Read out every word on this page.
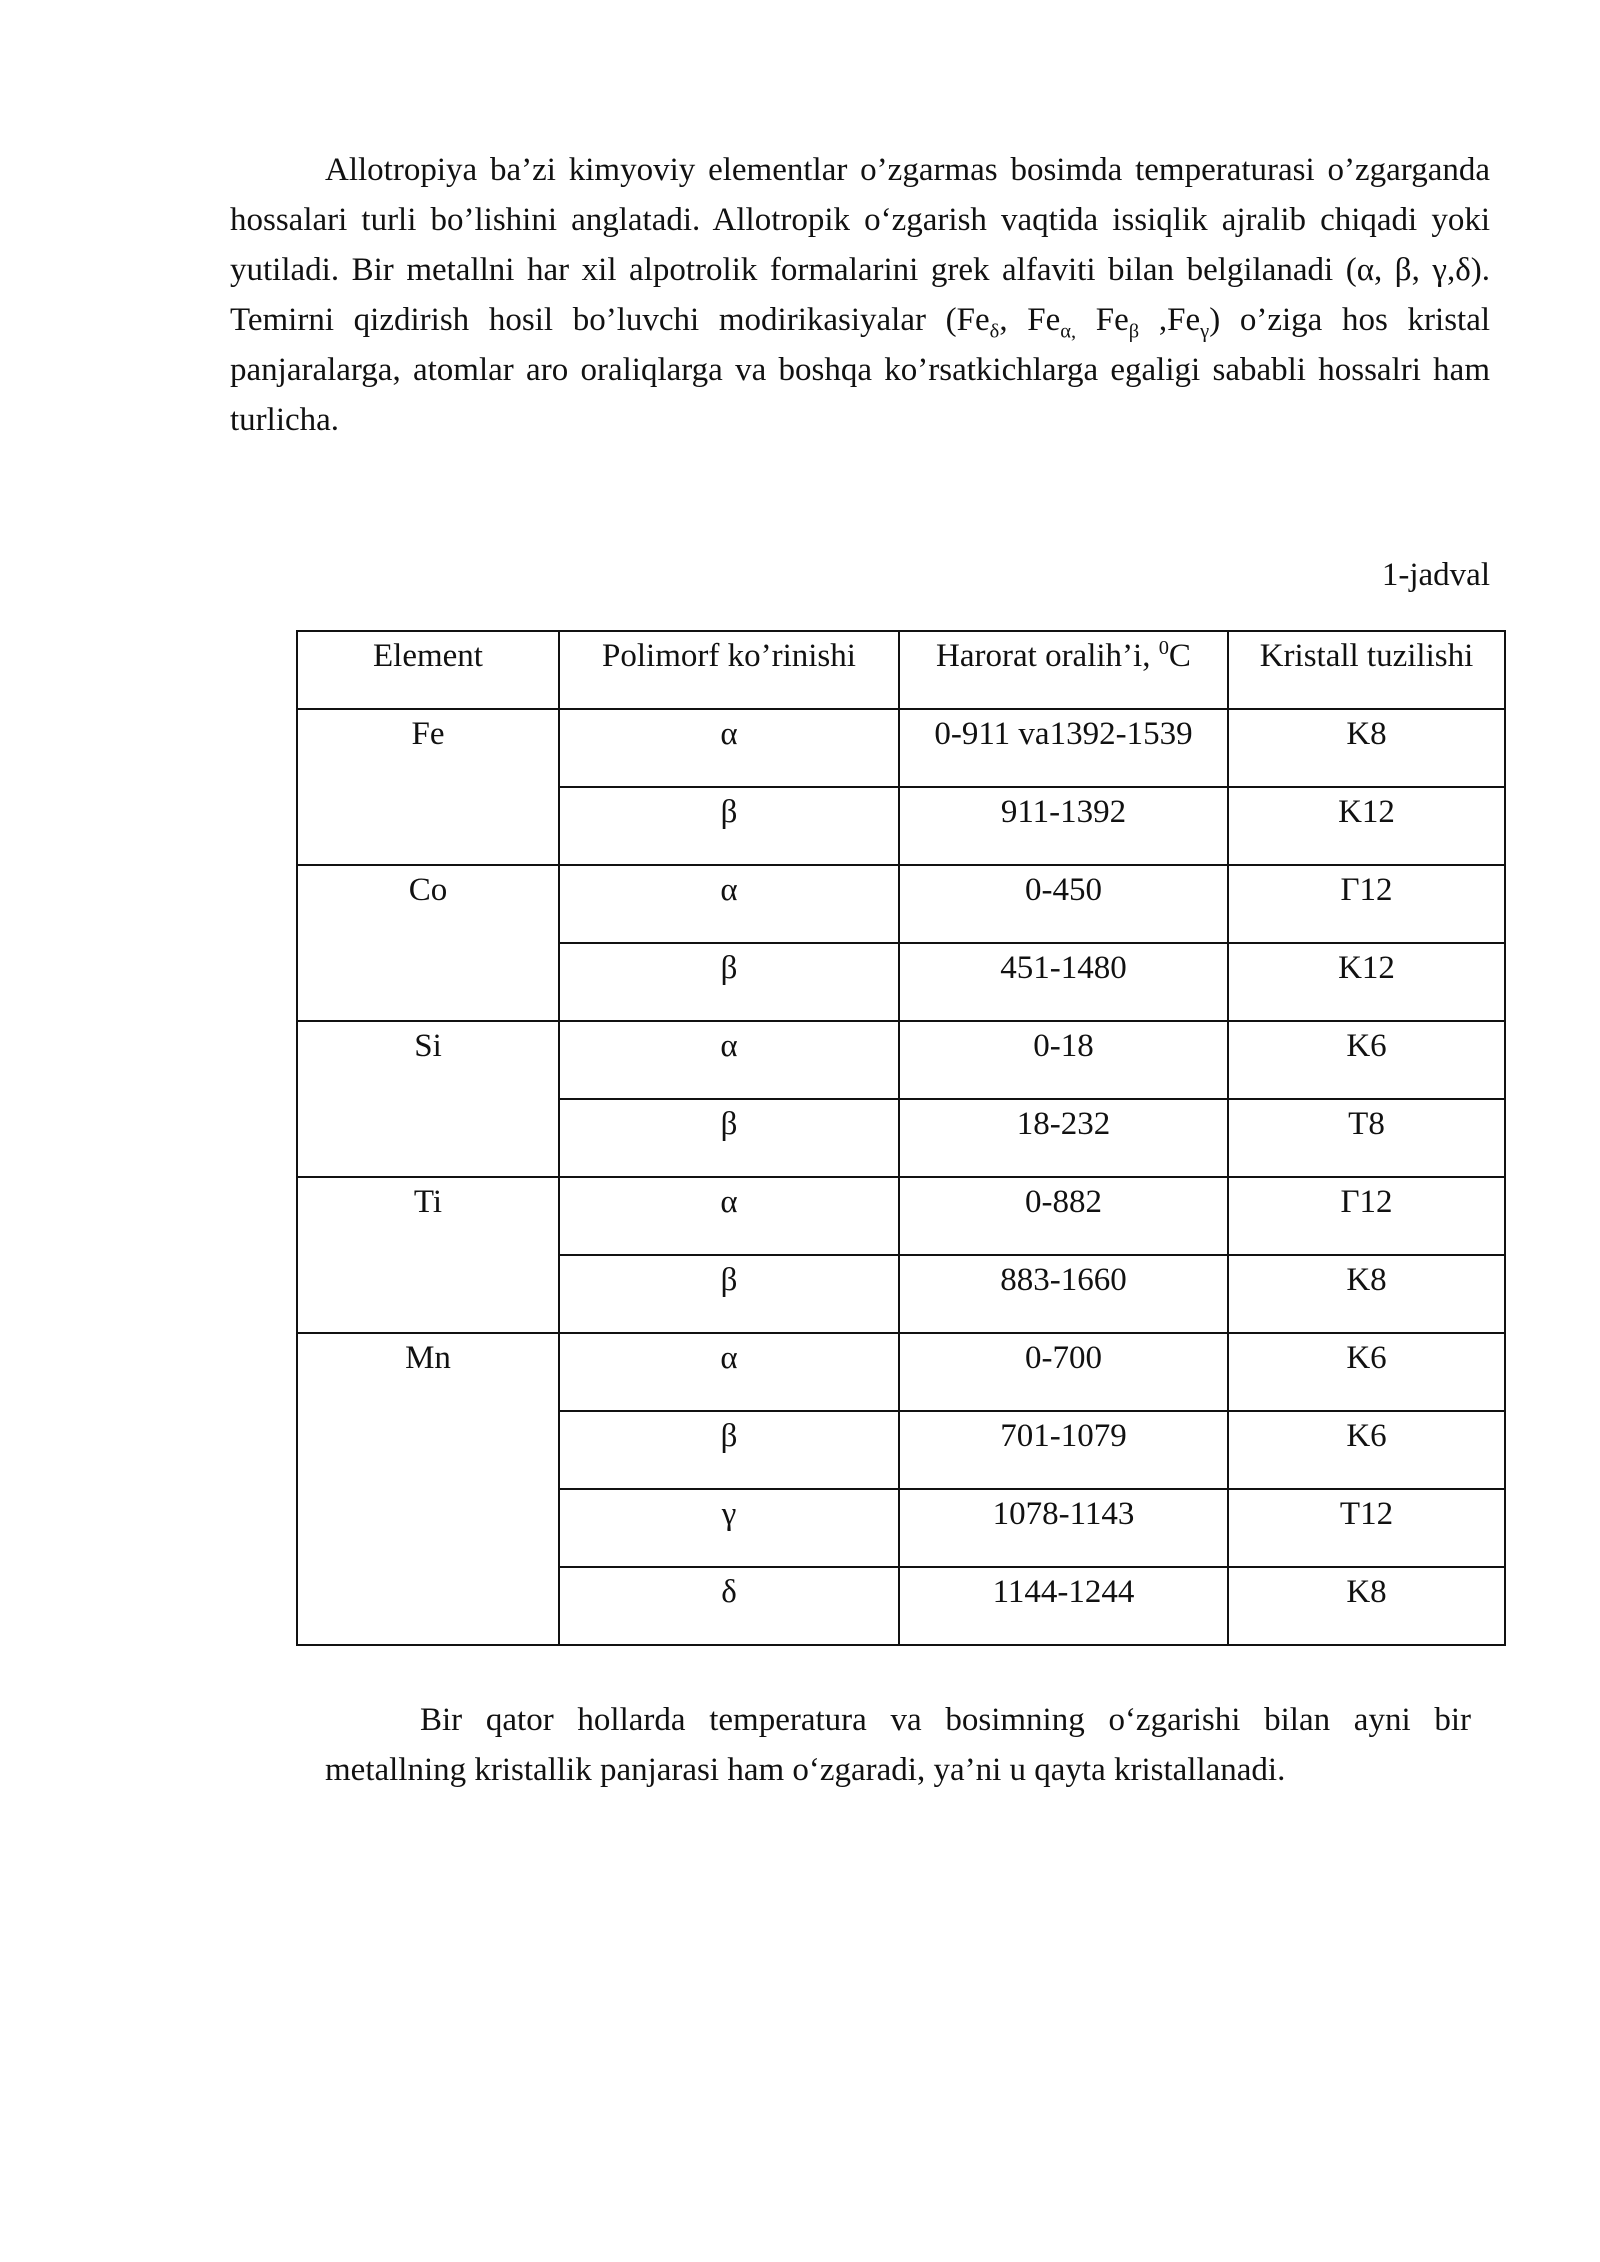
Allotropiya ba’zi kimyoviy elementlar o’zgarmas bosimda temperaturasi o’zgarganda hossalari turli bo’lishini anglatadi. Allotropik o‘zgarish vaqtida issiqlik ajralib chiqadi yoki yutiladi. Bir metallni har xil alpotrolik formalarini grek alfaviti bilan belgilanadi (α, β, γ,δ). Temirni qizdirish hosil bo’luvchi modirikasiyalar ($Fe_\delta$, $Fe_{\alpha,}$ $Fe_\beta$ $,Fe_\gamma$) o’ziga hos kristal panjaralarga, atomlar aro oraliqlarga va boshqa ko’rsatkichlarga egaligi sababli hossalri ham turlicha.

1-jadval
Element	Polimorf ko’rinishi	Harorat oralih’i, $^0$C	Kristall tuzilishi
Fe	α	0-911 va1392-1539	K8
	β	911-1392	K12
Co	α	0-450	Г12
	β	451-1480	K12
Si	α	0-18	K6
	β	18-232	T8
Ti	α	0-882	Г12
	β	883-1660	K8
Mn	α	0-700	K6
	β	701-1079	K6
	γ	1078-1143	T12
	δ	1144-1244	K8

Bir qator hollarda temperatura va bosimning o‘zgarishi bilan ayni bir metallning kristallik panjarasi ham o‘zgaradi, ya’ni u qayta kristallanadi.
